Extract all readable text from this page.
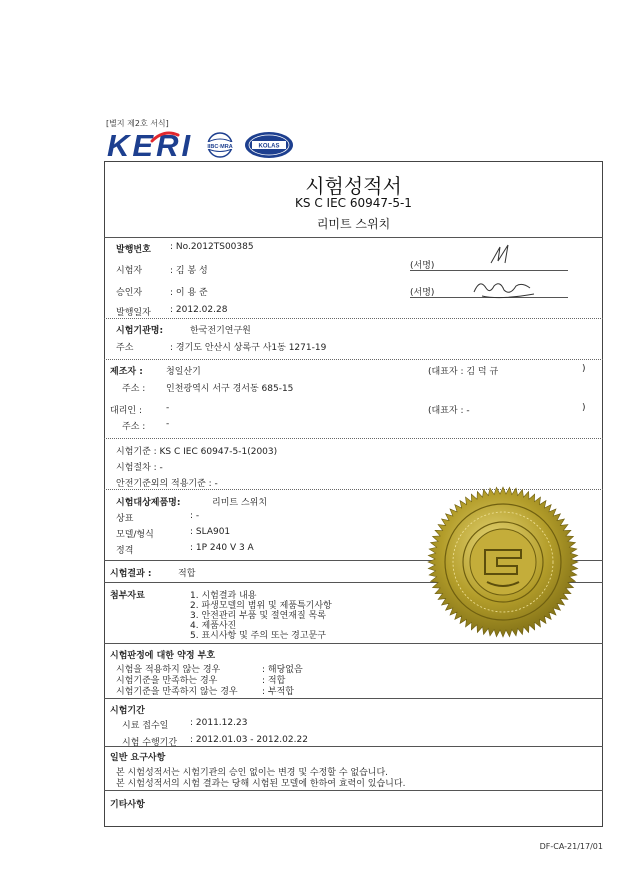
[별지 제2호 서식]
KERI	IlBC·MRA	KOLAS
시험성적서
KS C IEC 60947-5-1
리미트 스위치
발행번호 : No.2012TS00385
시험자	: 김 봉 성	(서명)
승인자	: 이 용 준	(서명)
발행일자 : 2012.02.28
시험기관명:	한국전기연구원
주소	: 경기도 안산시 상록구 사1동 1271-19
제조자 :	청일산기	(대표자 : 김 덕 규	)
주소 : 인천광역시 서구 경서동 685-15
대리인 :	-	(대표자 : -	)
주소 : -
시험기준 : KS C IEC 60947-5-1(2003)
시험절차 : -
안전기준외의 적용기준 : -
시험대상제품명:	리미트 스위치
상표	: -
모델/형식	: SLA901
정격	: 1P 240 V 3 A
시험결과 :	적합
첨부자료	1. 시험결과 내용
2. 파생모델의 범위 및 제품특기사항
3. 안전관리 부품 및 절연재질 목록
4. 제품사진
5. 표시사항 및 주의 또는 경고문구
시험판정에 대한 약정 부호
시험을 적용하지 않는 경우	: 해당없음
시험기준을 만족하는 경우	: 적합
시험기준을 만족하지 않는 경우	: 부적합
시험기간
시료 접수일 : 2011.12.23
시험 수행기간 : 2012.01.03 - 2012.02.22
일반 요구사항
본 시험성적서는 시험기관의 승인 없이는 변경 및 수정할 수 없습니다.
본 시험성적서의 시험 결과는 당해 시험된 모델에 한하여 효력이 있습니다.
기타사항
DF-CA-21/17/01
